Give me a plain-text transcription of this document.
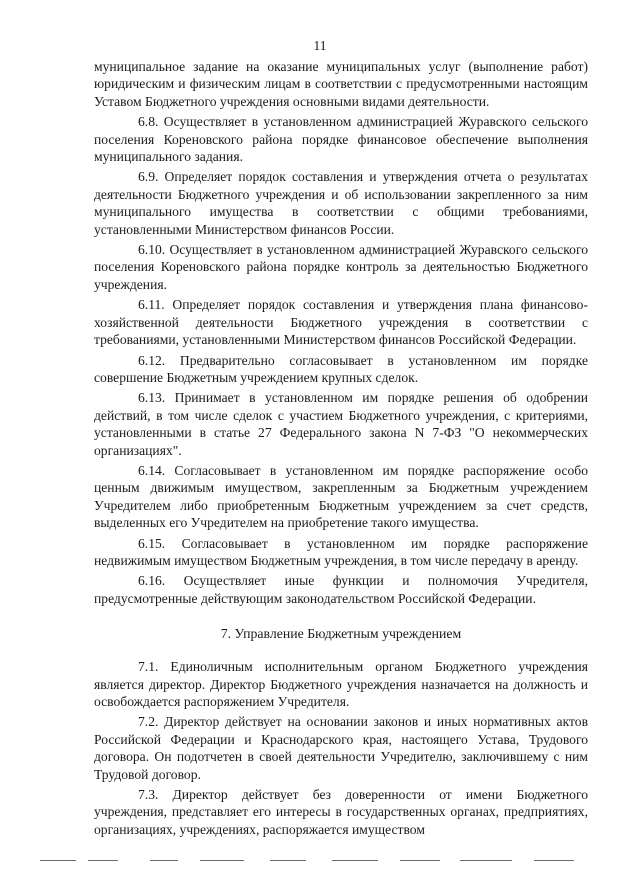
11

муниципальное задание на оказание муниципальных услуг (выполнение работ) юридическим и физическим лицам в соответствии с предусмотренными настоящим Уставом Бюджетного учреждения основными видами деятельности.

6.8. Осуществляет в установленном администрацией Журавского сельского поселения Кореновского района порядке финансовое обеспечение выполнения муниципального задания.

6.9. Определяет порядок составления и утверждения отчета о результатах деятельности Бюджетного учреждения и об использовании закрепленного за ним муниципального имущества в соответствии с общими требованиями, установленными Министерством финансов России.

6.10. Осуществляет в установленном администрацией Журавского сельского поселения Кореновского района порядке контроль за деятельностью Бюджетного учреждения.

6.11. Определяет порядок составления и утверждения плана финансово-хозяйственной деятельности Бюджетного учреждения в соответствии с требованиями, установленными Министерством финансов Российской Федерации.

6.12. Предварительно согласовывает в установленном им порядке совершение Бюджетным учреждением крупных сделок.

6.13. Принимает в установленном им порядке решения об одобрении действий, в том числе сделок с участием Бюджетного учреждения, с критериями, установленными в статье 27 Федерального закона N 7-ФЗ "О некоммерческих организациях".

6.14. Согласовывает в установленном им порядке распоряжение особо ценным движимым имуществом, закрепленным за Бюджетным учреждением Учредителем либо приобретенным Бюджетным учреждением за счет средств, выделенных его Учредителем на приобретение такого имущества.

6.15. Согласовывает в установленном им порядке распоряжение недвижимым имуществом Бюджетным учреждения, в том числе передачу в аренду.

6.16. Осуществляет иные функции и полномочия Учредителя, предусмотренные действующим законодательством Российской Федерации.

7. Управление Бюджетным учреждением

7.1. Единоличным исполнительным органом Бюджетного учреждения является директор. Директор Бюджетного учреждения назначается на должность и освобождается распоряжением Учредителя.

7.2. Директор действует на основании законов и иных нормативных актов Российской Федерации и Краснодарского края, настоящего Устава, Трудового договора. Он подотчетен в своей деятельности Учредителю, заключившему с ним Трудовой договор.

7.3. Директор действует без доверенности от имени Бюджетного учреждения, представляет его интересы в государственных органах, предприятиях, организациях, учреждениях, распоряжается имуществом
